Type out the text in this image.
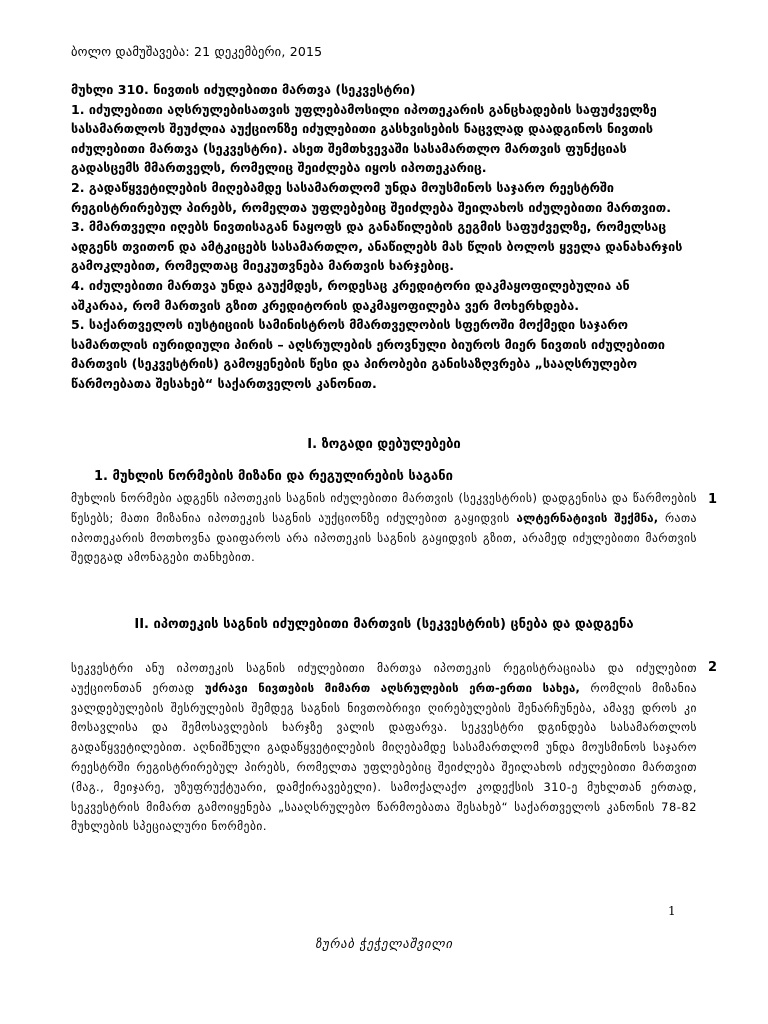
ბოლო დამუშავება: 21 დეკემბერი, 2015

მუხლი 310. ნივთის იძულებითი მართვა (სეკვესტრი)

1. იძულებითი აღსრულებისათვის უფლებამოსილი იპოთეკარის განცხადების საფუძველზე სასამართლოს შეუძლია აუქციონზე იძულებითი გასხვისების ნაცვლად დაადგინოს ნივთის იძულებითი მართვა (სეკვესტრი). ასეთ შემთხვევაში სასამართლო მართვის ფუნქციას გადასცემს მმართველს, რომელიც შეიძლება იყოს იპოთეკარიც.

2. გადაწყვეტილების მიღებამდე სასამართლომ უნდა მოუსმინოს საჯარო რეესტრში რეგისტრირებულ პირებს, რომელთა უფლებებიც შეიძლება შეილახოს იძულებითი მართვით.

3. მმართველი იღებს ნივთისაგან ნაყოფს და განაწილების გეგმის საფუძველზე, რომელსაც ადგენს თვითონ და ამტკიცებს სასამართლო, ანაწილებს მას წლის ბოლოს ყველა დანახარჯის გამოკლებით, რომელთაც მიეკუთვნება მართვის ხარჯებიც.

4. იძულებითი მართვა უნდა გაუქმდეს, როდესაც კრედიტორი დაკმაყოფილებულია ან აშკარაა, რომ მართვის გზით კრედიტორის დაკმაყოფილება ვერ მოხერხდება.

5. საქართველოს იუსტიციის სამინისტროს მმართველობის სფეროში მოქმედი საჯარო სამართლის იურიდიული პირის – აღსრულების ეროვნული ბიუროს მიერ ნივთის იძულებითი მართვის (სეკვესტრის) გამოყენების წესი და პირობები განისაზღვრება „სააღსრულებო წარმოებათა შესახებ“ საქართველოს კანონით.

I. ზოგადი დებულებები
1. მუხლის ნორმების მიზანი და რეგულირების საგანი
მუხლის ნორმები ადგენს იპოთეკის საგნის იძულებითი მართვის (სეკვესტრის) დადგენისა და წარმოების წესებს; მათი მიზანია იპოთეკის საგნის აუქციონზე იძულებით გაყიდვის ალტერნატივის შექმნა, რათა იპოთეკარის მოთხოვნა დაიფაროს არა იპოთეკის საგნის გაყიდვის გზით, არამედ იძულებითი მართვის შედეგად ამონაგები თანხებით.
1
II. იპოთეკის საგნის იძულებითი მართვის (სეკვესტრის) ცნება და დადგენა
სეკვესტრი ანუ იპოთეკის საგნის იძულებითი მართვა იპოთეკის რეგისტრაციასა და იძულებით აუქციონთან ერთად უძრავი ნივთების მიმართ აღსრულების ერთ-ერთი სახეა, რომლის მიზანია ვალდებულების შესრულების შემდეგ საგნის ნივთობრივი ღირებულების შენარჩუნება, ამავე დროს კი მოსავლისა და შემოსავლების ხარჯზე ვალის დაფარვა. სეკვესტრი დგინდება სასამართლოს გადაწყვეტილებით. აღნიშნული გადაწყვეტილების მიღებამდე სასამართლომ უნდა მოუსმინოს საჯარო რეესტრში რეგისტრირებულ პირებს, რომელთა უფლებებიც შეიძლება შეილახოს იძულებითი მართვით (მაგ., მეიჯარე, უზუფრუქტუარი, დამქირავებელი). სამოქალაქო კოდექსის 310-ე მუხლთან ერთად, სეკვესტრის მიმართ გამოიყენება „სააღსრულებო წარმოებათა შესახებ“ საქართველოს კანონის 78-82 მუხლების სპეციალური ნორმები.
2
1
ზურაბ ჭეჭელაშვილი
